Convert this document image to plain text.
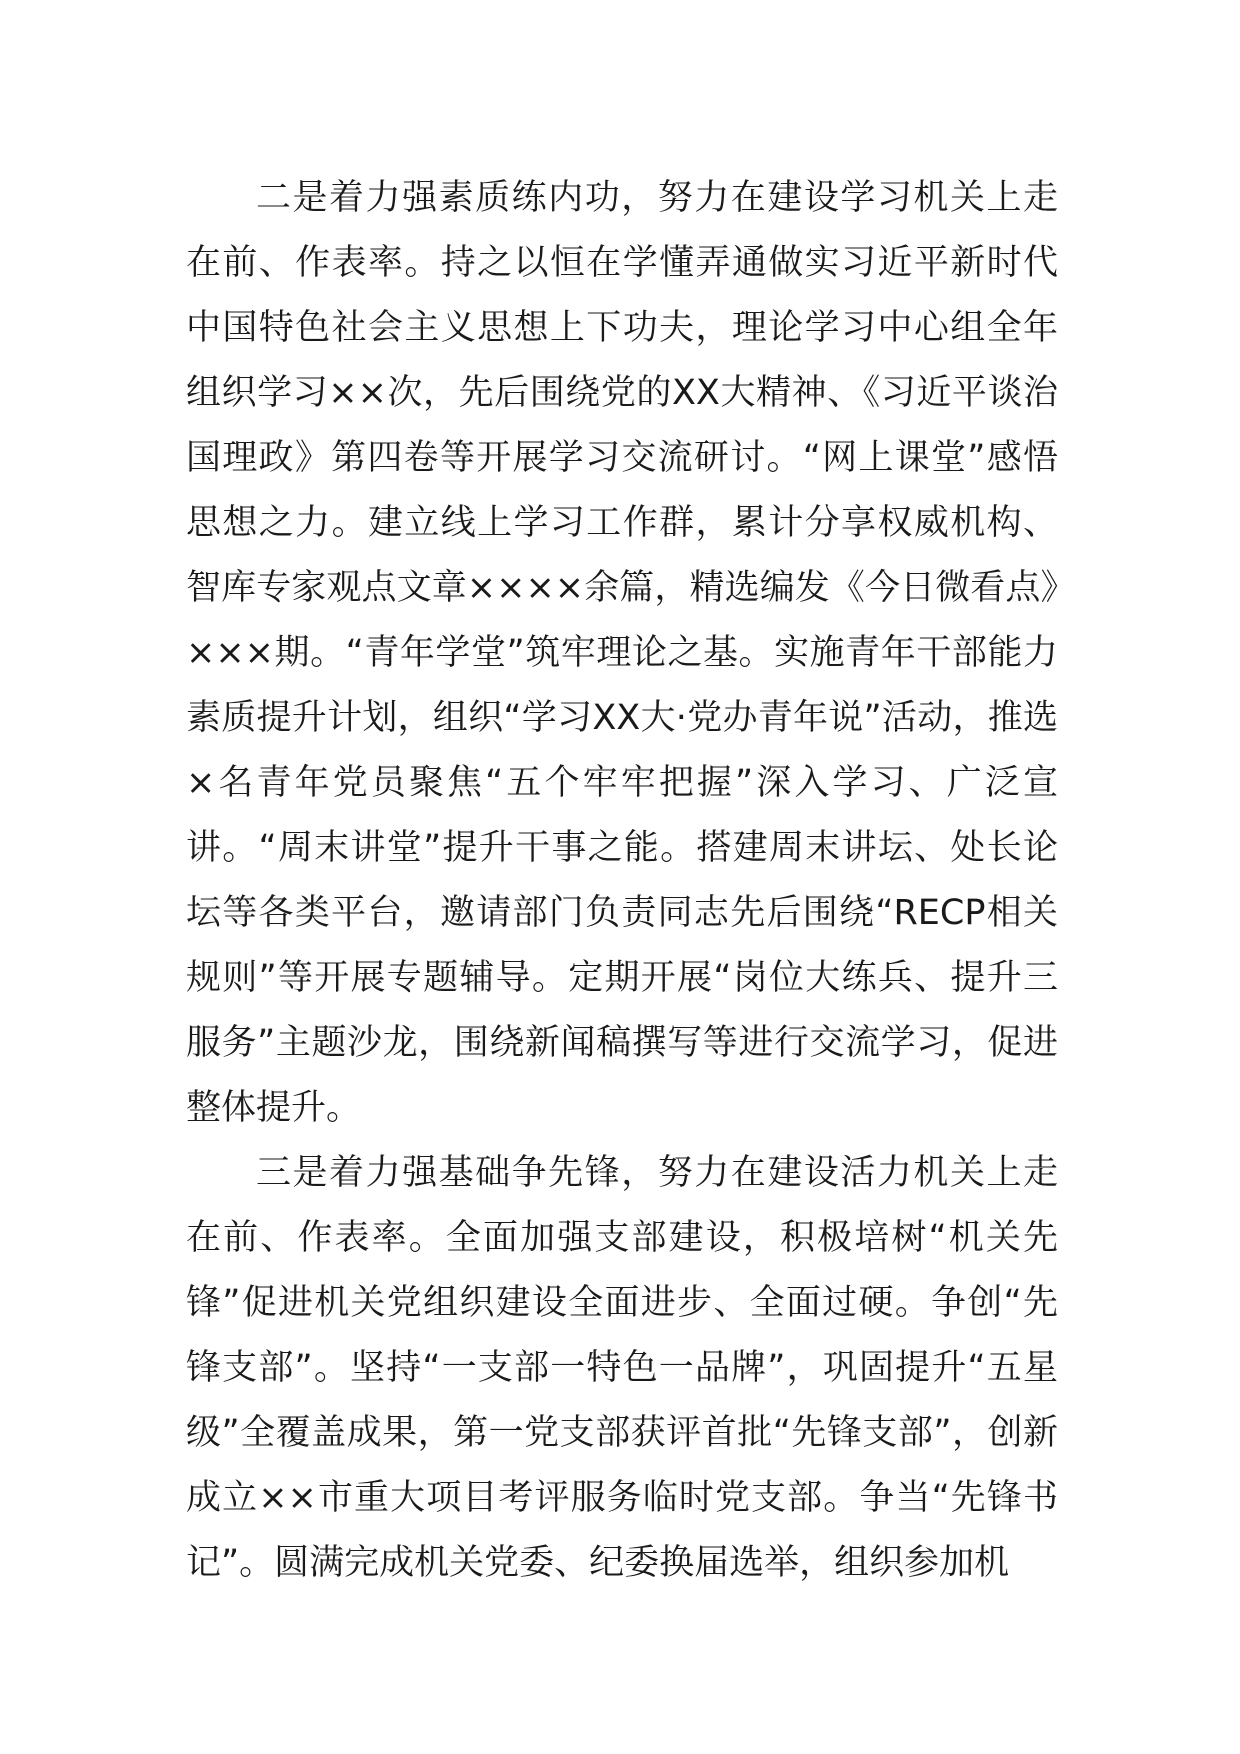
二是着力强素质练内功，努力在建设学习机关上走在前、作表率。持之以恒在学懂弄通做实习近平新时代中国特色社会主义思想上下功夫，理论学习中心组全年组织学习××次，先后围绕党的XX大精神、《习近平谈治国理政》第四卷等开展学习交流研讨。“网上课堂”感悟思想之力。建立线上学习工作群，累计分享权威机构、智库专家观点文章××××余篇，精选编发《今日微看点》×××期。“青年学堂”筑牢理论之基。实施青年干部能力素质提升计划，组织“学习XX大·党办青年说”活动，推选×名青年党员聚焦“五个牢牢把握”深入学习、广泛宣讲。“周末讲堂”提升干事之能。搭建周末讲坛、处长论坛等各类平台，邀请部门负责同志先后围绕“RECP相关规则”等开展专题辅导。定期开展“岗位大练兵、提升三服务”主题沙龙，围绕新闻稿撰写等进行交流学习，促进整体提升。

三是着力强基础争先锋，努力在建设活力机关上走在前、作表率。全面加强支部建设，积极培树“机关先锋”促进机关党组织建设全面进步、全面过硬。争创“先锋支部”。坚持“一支部一特色一品牌”，巩固提升“五星级”全覆盖成果，第一党支部获评首批“先锋支部”，创新成立××市重大项目考评服务临时党支部。争当“先锋书记”。圆满完成机关党委、纪委换届选举，组织参加机
